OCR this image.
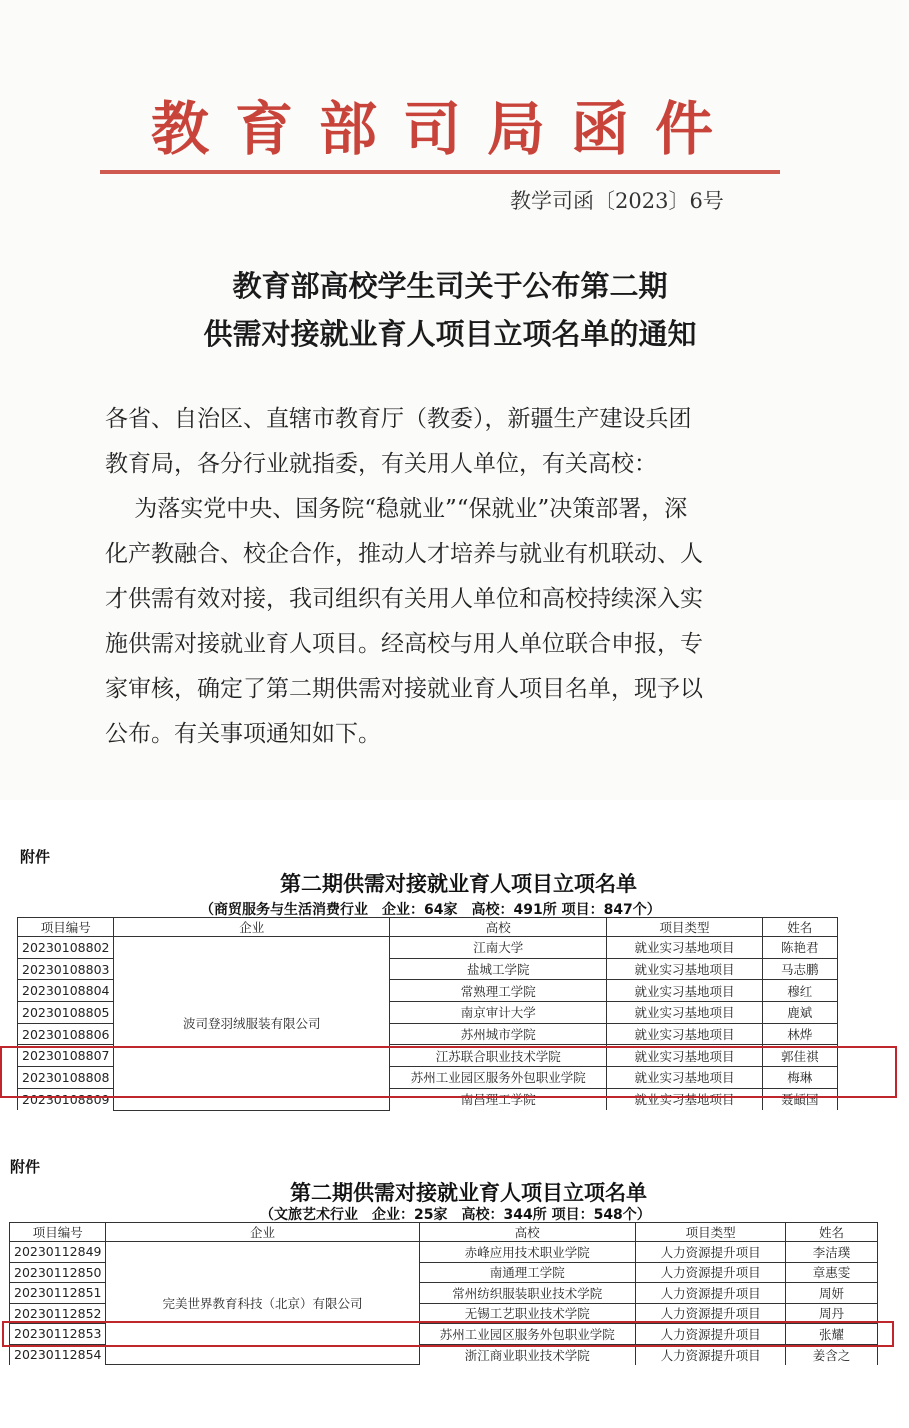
教育部司局函件
教学司函〔2023〕6号
教育部高校学生司关于公布第二期
供需对接就业育人项目立项名单的通知
各省、自治区、直辖市教育厅（教委），新疆生产建设兵团
教育局，各分行业就指委，有关用人单位，有关高校：
为落实党中央、国务院“稳就业”“保就业”决策部署，深
化产教融合、校企合作，推动人才培养与就业有机联动、人
才供需有效对接，我司组织有关用人单位和高校持续深入实
施供需对接就业育人项目。经高校与用人单位联合申报，专
家审核，确定了第二期供需对接就业育人项目名单，现予以
公布。有关事项通知如下。
附件
第二期供需对接就业育人项目立项名单
（商贸服务与生活消费行业　企业：64家　高校：491所 项目：847个）
项目编号	企业	高校	项目类型	姓名
20230108802	波司登羽绒服装有限公司	江南大学	就业实习基地项目	陈艳君
20230108803		盐城工学院	就业实习基地项目	马志鹏
20230108804		常熟理工学院	就业实习基地项目	穆红
20230108805		南京审计大学	就业实习基地项目	鹿斌
20230108806		苏州城市学院	就业实习基地项目	林烨
20230108807		江苏联合职业技术学院	就业实习基地项目	郭佳祺
20230108808		苏州工业园区服务外包职业学院	就业实习基地项目	梅琳
20230108809		南昌理工学院	就业实习基地项目	聂頔国
附件
第二期供需对接就业育人项目立项名单
（文旅艺术行业　企业：25家　高校：344所 项目：548个）
项目编号	企业	高校	项目类型	姓名
20230112849	完美世界教育科技（北京）有限公司	赤峰应用技术职业学院	人力资源提升项目	李洁璞
20230112850		南通理工学院	人力资源提升项目	章惠雯
20230112851		常州纺织服装职业技术学院	人力资源提升项目	周妍
20230112852		无锡工艺职业技术学院	人力资源提升项目	周丹
20230112853		苏州工业园区服务外包职业学院	人力资源提升项目	张耀
20230112854		浙江商业职业技术学院	人力资源提升项目	姜含之
